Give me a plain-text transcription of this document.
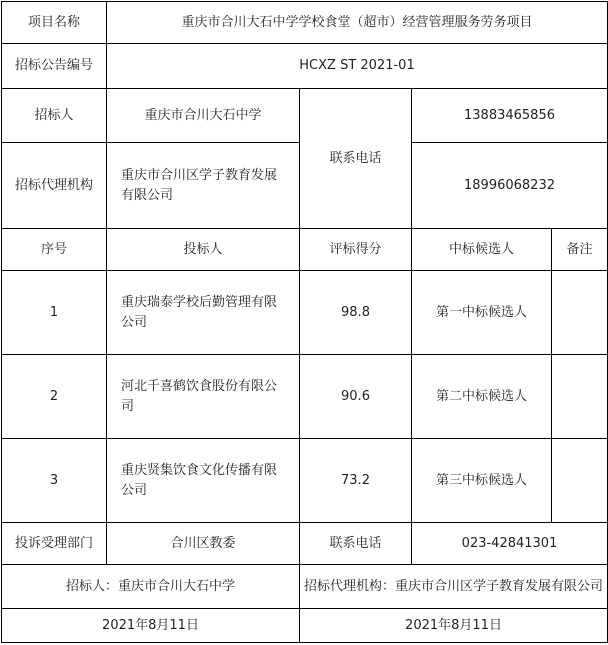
项目名称	重庆市合川大石中学学校食堂（超市）经营管理服务劳务项目			
招标公告编号	HCXZ ST 2021-01			
招标人	重庆市合川大石中学	联系电话	13883465856	
招标代理机构	重庆市合川区学子教育发展有限公司		18996068232	
序号	投标人	评标得分	中标候选人	备注
1	重庆瑞泰学校后勤管理有限公司	98.8	第一中标候选人	
2	河北千喜鹤饮食股份有限公司	90.6	第二中标候选人	
3	重庆贤集饮食文化传播有限公司	73.2	第三中标候选人	
投诉受理部门	合川区教委	联系电话	023-42841301	
招标人：重庆市合川大石中学		招标代理机构：重庆市合川区学子教育发展有限公司		
2021年8月11日		2021年8月11日		
